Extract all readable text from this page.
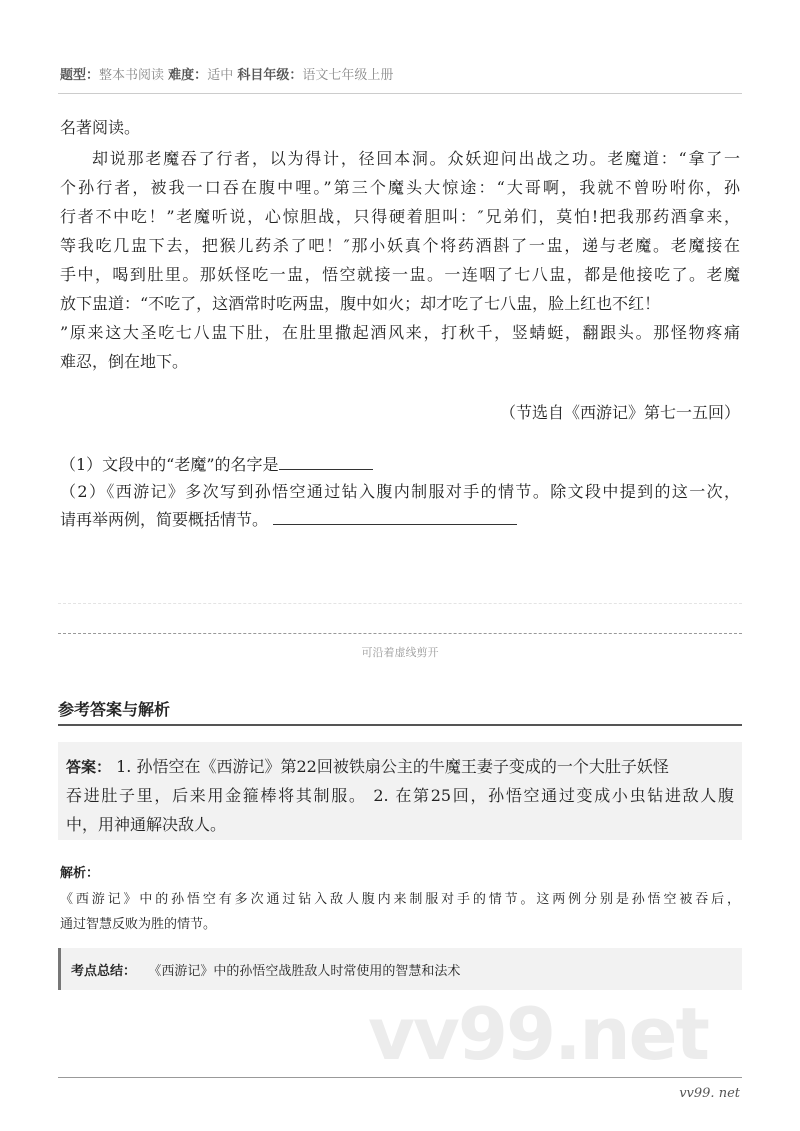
题型：整本书阅读 难度：适中 科目年级：语文七年级上册
名著阅读。
却说那老魔吞了行者，以为得计，径回本洞。众妖迎问出战之功。老魔道：“拿了一
个孙行者，被我一口吞在腹中哩。”第三个魔头大惊途：“大哥啊，我就不曾吩咐你，孙
行者不中吃！”老魔听说，心惊胆战，只得硬着胆叫：″兄弟们，莫怕!把我那药酒拿来，
等我吃几盅下去，把猴儿药杀了吧！″那小妖真个将药酒斟了一盅，递与老魔。老魔接在
手中，喝到肚里。那妖怪吃一盅，悟空就接一盅。一连咽了七八盅，都是他接吃了。老魔
放下盅道：“不吃了，这酒常时吃两盅，腹中如火；却才吃了七八盅，脸上红也不红！
”原来这大圣吃七八盅下肚，在肚里撒起酒风来，打秋千，竖蜻蜓，翻跟头。那怪物疼痛
难忍，倒在地下。
（节选自《西游记》第七一五回）
（1）文段中的“老魔”的名字是
（2）《西游记》多次写到孙悟空通过钻入腹内制服对手的情节。除文段中提到的这一次，
请再举两例，简要概括情节。
可沿着虚线剪开
参考答案与解析
答案： 1. 孙悟空在《西游记》第22回被铁扇公主的牛魔王妻子变成的一个大肚子妖怪
吞进肚子里，后来用金箍棒将其制服。 2. 在第25回，孙悟空通过变成小虫钻进敌人腹
中，用神通解决敌人。
解析：
《西游记》中的孙悟空有多次通过钻入敌人腹内来制服对手的情节。这两例分别是孙悟空被吞后，
通过智慧反败为胜的情节。
考点总结： 《西游记》中的孙悟空战胜敌人时常使用的智慧和法术
vv99.net
vv99. net
